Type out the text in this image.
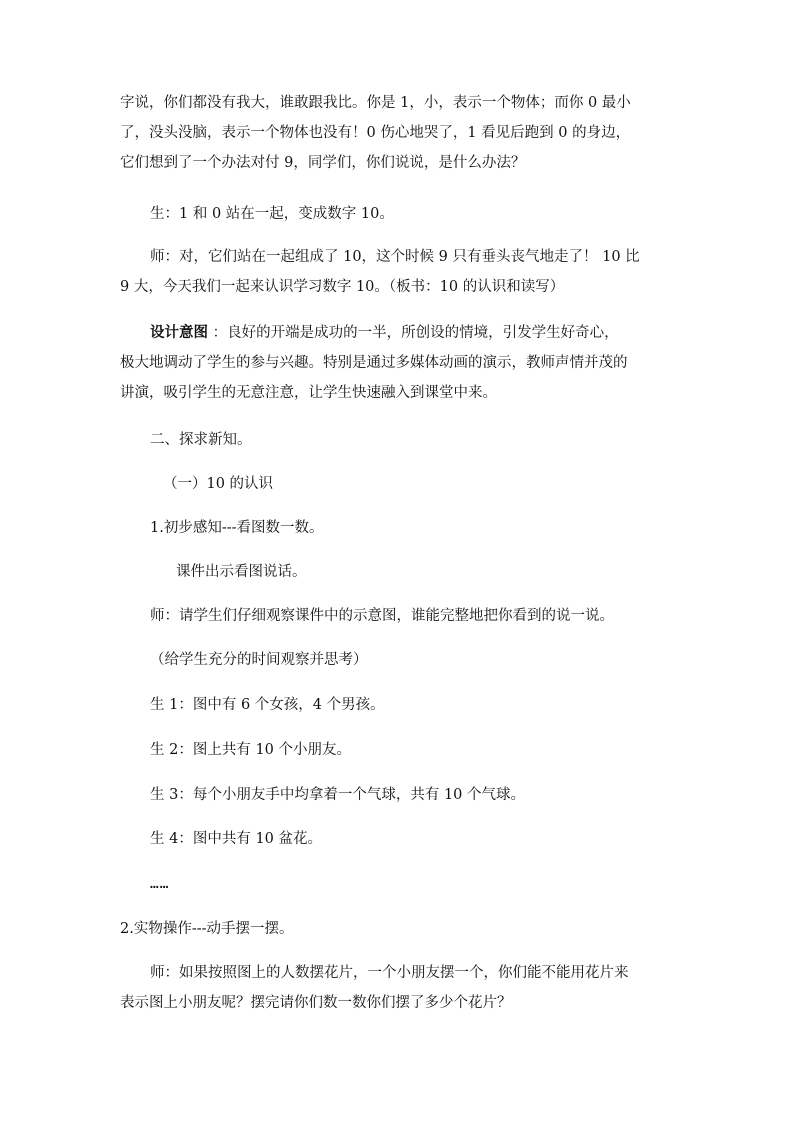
字说，你们都没有我大，谁敢跟我比。你是 1，小，表示一个物体；而你 0 最小
了，没头没脑，表示一个物体也没有！0 伤心地哭了，1 看见后跑到 0 的身边，
它们想到了一个办法对付 9，同学们，你们说说，是什么办法？
生：1 和 0 站在一起，变成数字 10。
师：对，它们站在一起组成了 10，这个时候 9 只有垂头丧气地走了！ 10 比
9 大，今天我们一起来认识学习数字 10。（板书：10 的认识和读写）
设计意图 ：良好的开端是成功的一半，所创设的情境，引发学生好奇心，
极大地调动了学生的参与兴趣。特别是通过多媒体动画的演示，教师声情并茂的
讲演，吸引学生的无意注意，让学生快速融入到课堂中来。
二、探求新知。
（一）10 的认识
1.初步感知---看图数一数。
课件出示看图说话。
师：请学生们仔细观察课件中的示意图，谁能完整地把你看到的说一说。
（给学生充分的时间观察并思考）
生 1：图中有 6 个女孩，4 个男孩。
生 2：图上共有 10 个小朋友。
生 3：每个小朋友手中均拿着一个气球，共有 10 个气球。
生 4：图中共有 10 盆花。
……
2.实物操作---动手摆一摆。
师：如果按照图上的人数摆花片，一个小朋友摆一个，你们能不能用花片来
表示图上小朋友呢？摆完请你们数一数你们摆了多少个花片？
